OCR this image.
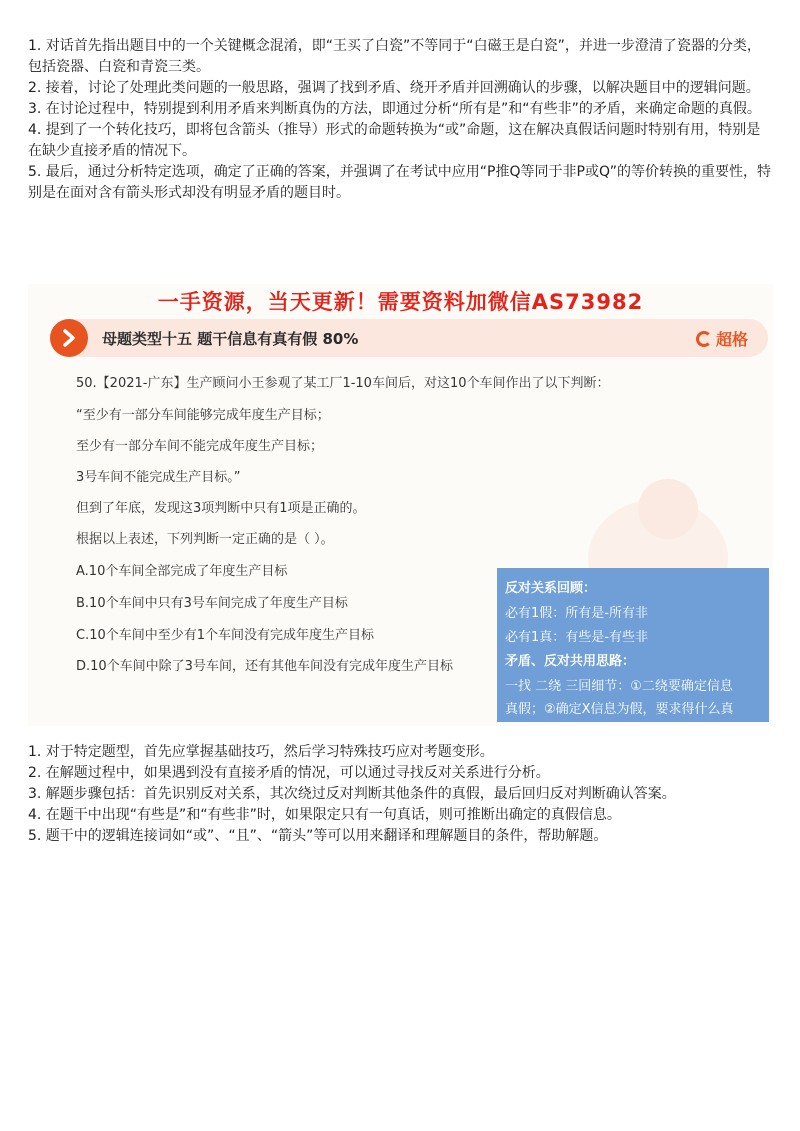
1. 对话首先指出题目中的一个关键概念混淆，即“王买了白瓷”不等同于“白磁王是白瓷”，并进一步澄清了瓷器的分类，包括瓷器、白瓷和青瓷三类。

2. 接着，讨论了处理此类问题的一般思路，强调了找到矛盾、绕开矛盾并回溯确认的步骤，以解决题目中的逻辑问题。

3. 在讨论过程中，特别提到利用矛盾来判断真伪的方法，即通过分析“所有是”和“有些非”的矛盾，来确定命题的真假。

4. 提到了一个转化技巧，即将包含箭头（推导）形式的命题转换为“或”命题，这在解决真假话问题时特别有用，特别是在缺少直接矛盾的情况下。

5. 最后，通过分析特定选项，确定了正确的答案，并强调了在考试中应用“P推Q等同于非P或Q”的等价转换的重要性，特别是在面对含有箭头形式却没有明显矛盾的题目时。

一手资源，当天更新！需要资料加微信AS73982
母题类型十五 题干信息有真有假 80%	超格
50.【2021-广东】生产顾问小王参观了某工厂1-10车间后，对这10个车间作出了以下判断：
“至少有一部分车间能够完成年度生产目标；
至少有一部分车间不能完成年度生产目标；
3号车间不能完成生产目标。”
但到了年底，发现这3项判断中只有1项是正确的。
根据以上表述，下列判断一定正确的是（ ）。
A.10个车间全部完成了年度生产目标
B.10个车间中只有3号车间完成了年度生产目标
C.10个车间中至少有1个车间没有完成年度生产目标
D.10个车间中除了3号车间，还有其他车间没有完成年度生产目标
反对关系回顾：
必有1假：所有是-所有非
必有1真：有些是-有些非
矛盾、反对共用思路：
一找 二绕 三回细节：①二绕要确定信息
真假；②确定X信息为假，要求得什么真

1. 对于特定题型，首先应掌握基础技巧，然后学习特殊技巧应对考题变形。

2. 在解题过程中，如果遇到没有直接矛盾的情况，可以通过寻找反对关系进行分析。

3. 解题步骤包括：首先识别反对关系，其次绕过反对判断其他条件的真假，最后回归反对判断确认答案。

4. 在题干中出现“有些是”和“有些非”时，如果限定只有一句真话，则可推断出确定的真假信息。

5. 题干中的逻辑连接词如“或”、“且”、“箭头”等可以用来翻译和理解题目的条件，帮助解题。
